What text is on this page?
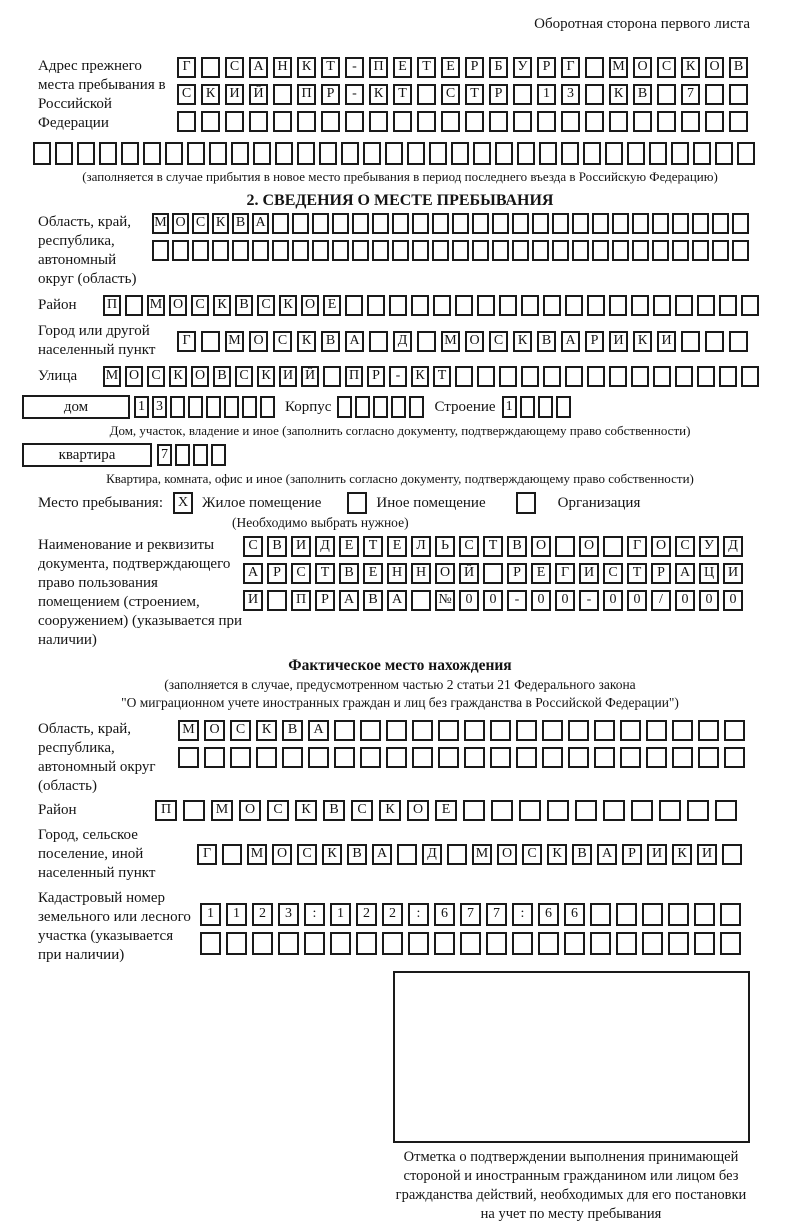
Оборотная сторона первого листа
Адрес прежнего места пребывания в Российской Федерации
Г	С	А Н	К	Т	-	П	Е	Т	Е	Р	Б	У	Р	Г	М О	С	К	О	В
С	К	И Й	П	Р	-	К	Т	С	Т	Р	1	3	К	В	7
(заполняется в случае прибытия в новое место пребывания в период последнего въезда в Российскую Федерацию)
2. СВЕДЕНИЯ О МЕСТЕ ПРЕБЫВАНИЯ
Область, край, республика, автономный округ (область)
М О С К В А
Район	П М О С К В С К О Е
Город или другой населенный пункт
Г	М О	С	К	В	А	Д	М О	С	К	В	А	Р	И	К	И
Улица	М О С К О В С К И Й П Р	-	К Т
дом	1 3	Корпус	Строение 1
Дом, участок, владение и иное (заполнить согласно документу, подтверждающему право собственности)
квартира	7
Квартира, комната, офис и иное (заполнить согласно документу, подтверждающему право собственности)
Место пребывания:	X Жилое помещение	Иное помещение	Организация
(Необходимо выбрать нужное)
Наименование и реквизиты документа, подтверждающего право пользования помещением (строением, сооружением) (указывается при наличии)
С	В	И	Д	Е	Т	Е	Л	Ь	С	Т	В	О	О	Г	О	С	У	Д
А	Р	С	Т	В	Е	Н Н О Й	Р	Е	Г	И	С	Т	Р	А Ц И
И	П	Р	А	В	А	№ 0	0	-	0	0	-	0	0	/	0	0	0
Фактическое место нахождения
(заполняется в случае, предусмотренном частью 2 статьи 21 Федерального закона
"О миграционном учете иностранных граждан и лиц без гражданства в Российской Федерации")
Область, край, республика, автономный округ (область)
М	О	С	К	В	А
Район	П	М	О	С	К	В	С	К	О	Е
Город, сельское поселение, иной населенный пункт
Г	М О	С	К	В	А	Д	М О	С	К	В	А	Р	И	К	И
Кадастровый номер земельного или лесного участка (указывается при наличии)
1	1	2	3	:	1	2	2	:	6	7	7	:	6	6
Отметка о подтверждении выполнения принимающей
стороной и иностранным гражданином или лицом без
гражданства действий, необходимых для его постановки
на учет по месту пребывания
